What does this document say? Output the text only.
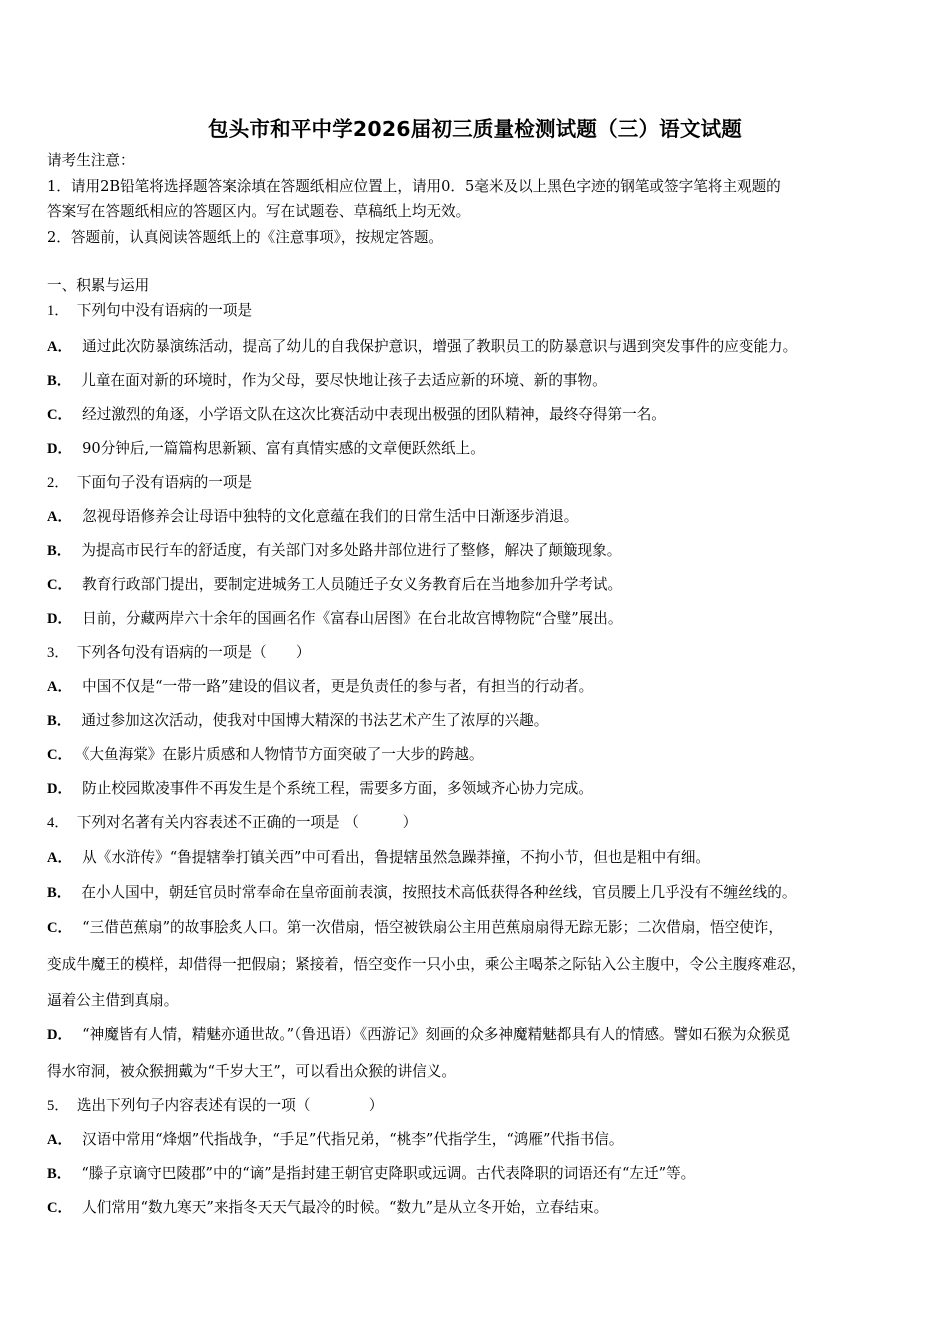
包头市和平中学2026届初三质量检测试题（三）语文试题
请考生注意：
1．请用2B铅笔将选择题答案涂填在答题纸相应位置上，请用0．5毫米及以上黑色字迹的钢笔或签字笔将主观题的
答案写在答题纸相应的答题区内。写在试题卷、草稿纸上均无效。
2．答题前，认真阅读答题纸上的《注意事项》，按规定答题。
一、积累与运用
1． 下列句中没有语病的一项是
A． 通过此次防暴演练活动，提高了幼儿的自我保护意识，增强了教职员工的防暴意识与遇到突发事件的应变能力。
B． 儿童在面对新的环境时，作为父母，要尽快地让孩子去适应新的环境、新的事物。
C． 经过激烈的角逐，小学语文队在这次比赛活动中表现出极强的团队精神，最终夺得第一名。
D． 90分钟后,一篇篇构思新颖、富有真情实感的文章便跃然纸上。
2． 下面句子没有语病的一项是
A． 忽视母语修养会让母语中独特的文化意蕴在我们的日常生活中日渐逐步消退。
B． 为提高市民行车的舒适度，有关部门对多处路井部位进行了整修，解决了颠簸现象。
C． 教育行政部门提出，要制定进城务工人员随迁子女义务教育后在当地参加升学考试。
D． 日前，分藏两岸六十余年的国画名作《富春山居图》在台北故宫博物院“合璧”展出。
3． 下列各句没有语病的一项是（　　）
A． 中国不仅是“一带一路”建设的倡议者，更是负责任的参与者，有担当的行动者。
B． 通过参加这次活动，使我对中国博大精深的书法艺术产生了浓厚的兴趣。
C． 《大鱼海棠》在影片质感和人物情节方面突破了一大步的跨越。
D． 防止校园欺凌事件不再发生是个系统工程，需要多方面，多领域齐心协力完成。
4． 下列对名著有关内容表述不正确的一项是 （　　　）
A． 从《水浒传》“鲁提辖拳打镇关西”中可看出，鲁提辖虽然急躁莽撞，不拘小节，但也是粗中有细。
B． 在小人国中，朝廷官员时常奉命在皇帝面前表演，按照技术高低获得各种丝线，官员腰上几乎没有不缠丝线的。
C． “三借芭蕉扇”的故事脍炙人口。第一次借扇，悟空被铁扇公主用芭蕉扇扇得无踪无影；二次借扇，悟空使诈，
变成牛魔王的模样，却借得一把假扇；紧接着，悟空变作一只小虫，乘公主喝茶之际钻入公主腹中，令公主腹疼难忍，
逼着公主借到真扇。
D． “神魔皆有人情，精魅亦通世故。”（鲁迅语）《西游记》刻画的众多神魔精魅都具有人的情感。譬如石猴为众猴觅
得水帘洞，被众猴拥戴为“千岁大王”，可以看出众猴的讲信义。
5． 选出下列句子内容表述有误的一项（　　　　）
A． 汉语中常用“烽烟”代指战争，“手足”代指兄弟，“桃李”代指学生，“鸿雁”代指书信。
B． “滕子京谪守巴陵郡”中的“谪”是指封建王朝官吏降职或远调。古代表降职的词语还有“左迁”等。
C． 人们常用“数九寒天”来指冬天天气最冷的时候。“数九”是从立冬开始，立春结束。
